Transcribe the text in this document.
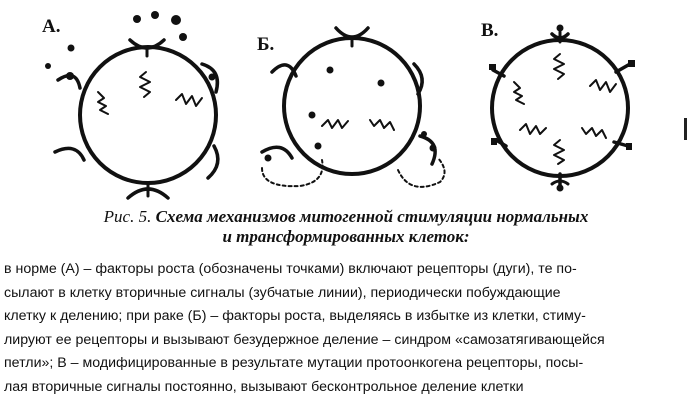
А.
Б.
В.
Рис. 5. Схема механизмов митогенной стимуляции нормальных
и трансформированных клеток:

в норме (А) – факторы роста (обозначены точками) включают рецепторы (дуги), те по-

сылают в клетку вторичные сигналы (зубчатые линии), периодически побуждающие

клетку к делению; при раке (Б) – факторы роста, выделяясь в избытке из клетки, стиму-

лируют ее рецепторы и вызывают безудержное деление – синдром «самозатягивающейся

петли»; В – модифицированные в результате мутации протоонкогена рецепторы, посы-

лая вторичные сигналы постоянно, вызывают бесконтрольное деление клетки
